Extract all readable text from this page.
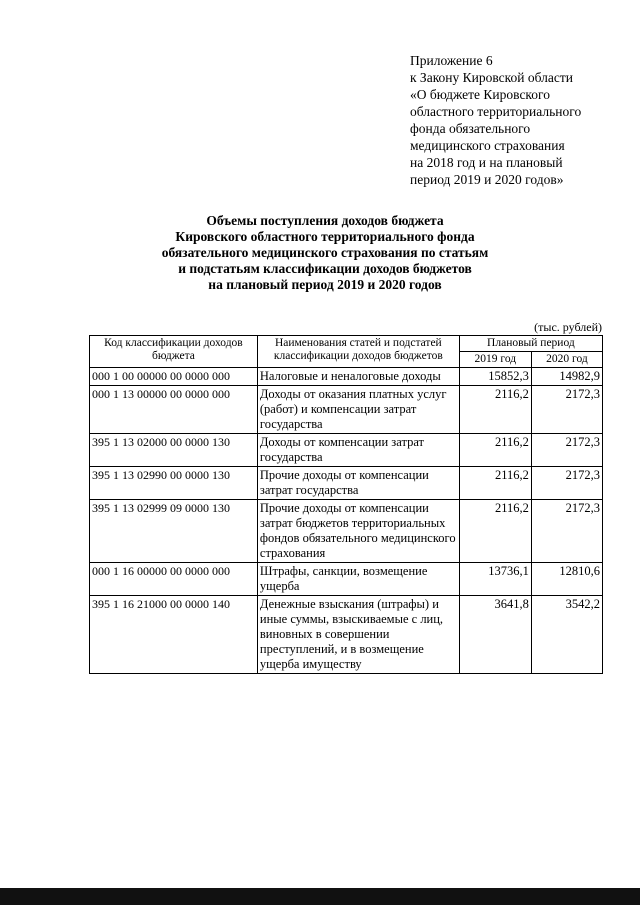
Приложение 6
к Закону Кировской области
«О бюджете Кировского
областного территориального
фонда обязательного
медицинского страхования
на 2018 год и на плановый
период 2019 и 2020 годов»
Объемы поступления доходов бюджета
Кировского областного территориального фонда
обязательного медицинского страхования по статьям
и подстатьям классификации доходов бюджетов
на плановый период 2019 и 2020 годов
(тыс. рублей)
Код классификации доходов бюджета	Наименования статей и подстатей классификации доходов бюджетов	Плановый период	
		2019 год	2020 год
000 1 00 00000 00 0000 000	Налоговые и неналоговые доходы	15852,3	14982,9
000 1 13 00000 00 0000 000	Доходы от оказания платных услуг (работ) и компенсации затрат государства	2116,2	2172,3
395 1 13 02000 00 0000 130	Доходы от компенсации затрат государства	2116,2	2172,3
395 1 13 02990 00 0000 130	Прочие доходы от компенсации затрат государства	2116,2	2172,3
395 1 13 02999 09 0000 130	Прочие доходы от компенсации затрат бюджетов территориальных фондов обязательного медицинского страхования	2116,2	2172,3
000 1 16 00000 00 0000 000	Штрафы, санкции, возмещение ущерба	13736,1	12810,6
395 1 16 21000 00 0000 140	Денежные взыскания (штрафы) и иные суммы, взыскиваемые с лиц, виновных в совершении преступлений, и в возмещение ущерба имуществу	3641,8	3542,2
